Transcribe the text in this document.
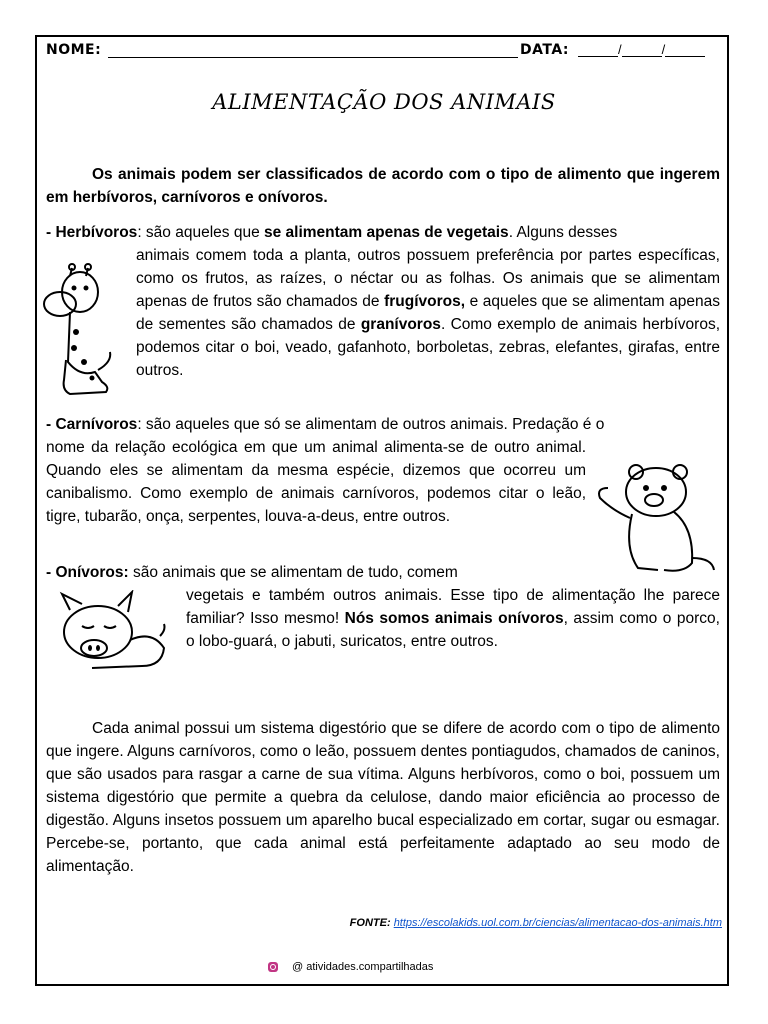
NOME:	DATA:	/	/
ALIMENTAÇÃO DOS ANIMAIS
Os animais podem ser classificados de acordo com o tipo de alimento que ingerem em herbívoros, carnívoros e onívoros.
- Herbívoros: são aqueles que se alimentam apenas de vegetais. Alguns desses
animais comem toda a planta, outros possuem preferência por partes específicas, como os frutos, as raízes, o néctar ou as folhas. Os animais que se alimentam apenas de frutos são chamados de frugívoros, e aqueles que se alimentam apenas de sementes são chamados de granívoros. Como exemplo de animais herbívoros, podemos citar o boi, veado, gafanhoto, borboletas, zebras, elefantes, girafas, entre outros.
- Carnívoros: são aqueles que só se alimentam de outros animais. Predação é o
nome da relação ecológica em que um animal alimenta-se de outro animal. Quando eles se alimentam da mesma espécie, dizemos que ocorreu um canibalismo. Como exemplo de animais carnívoros, podemos citar o leão, tigre, tubarão, onça, serpentes, louva-a-deus, entre outros.
- Onívoros: são animais que se alimentam de tudo, comem
vegetais e também outros animais. Esse tipo de alimentação lhe parece familiar? Isso mesmo! Nós somos animais onívoros, assim como o porco, o lobo-guará, o jabuti, suricatos, entre outros.
Cada animal possui um sistema digestório que se difere de acordo com o tipo de alimento que ingere. Alguns carnívoros, como o leão, possuem dentes pontiagudos, chamados de caninos, que são usados para rasgar a carne de sua vítima. Alguns herbívoros, como o boi, possuem um sistema digestório que permite a quebra da celulose, dando maior eficiência ao processo de digestão. Alguns insetos possuem um aparelho bucal especializado em cortar, sugar ou esmagar. Percebe-se, portanto, que cada animal está perfeitamente adaptado ao seu modo de alimentação.
FONTE: https://escolakids.uol.com.br/ciencias/alimentacao-dos-animais.htm
@ atividades.compartilhadas
